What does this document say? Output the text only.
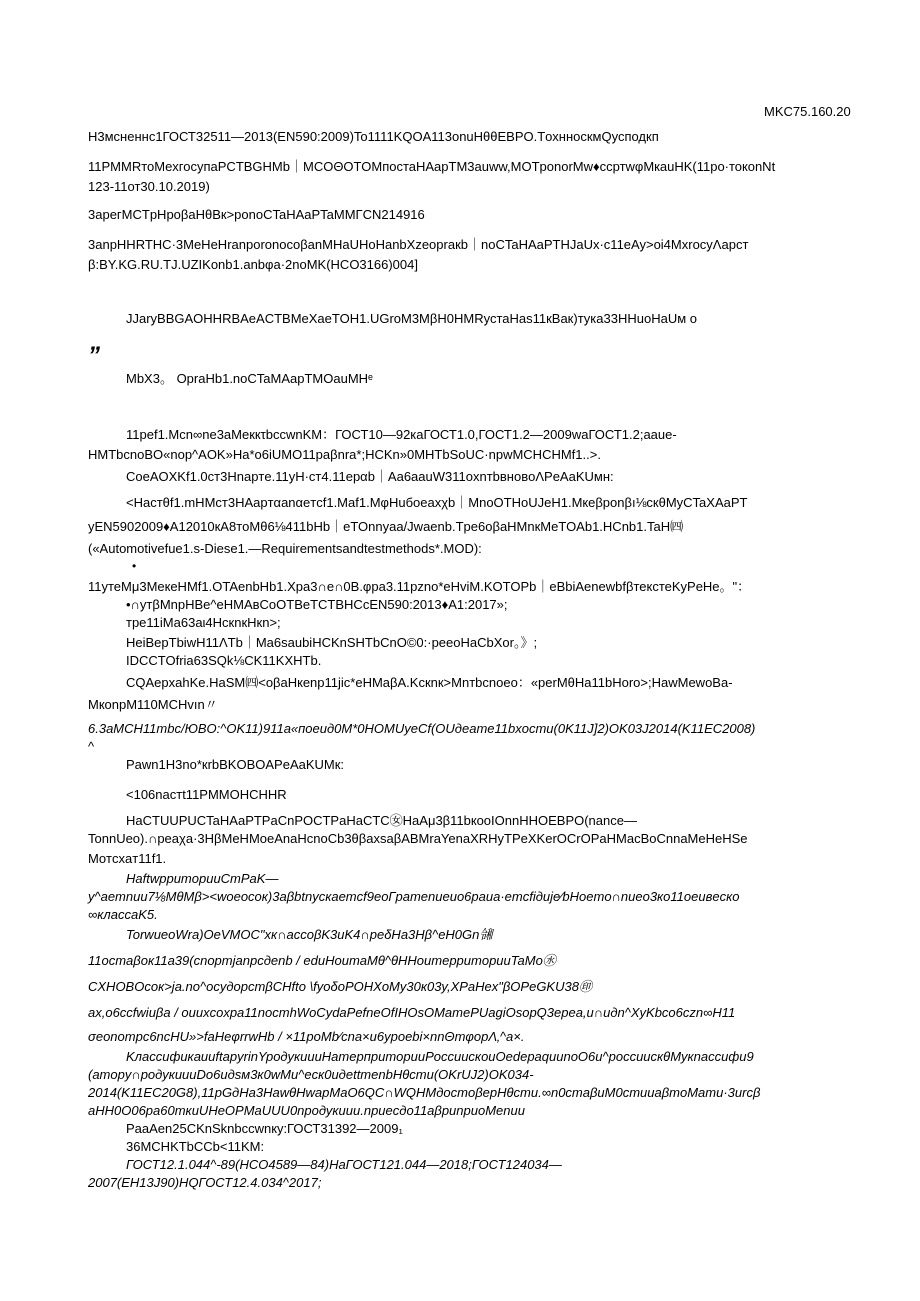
MKC75.160.20
H3мсненнс1ГОСТ32511—2013(EN590:2009)To1111KQOA113onuHθθEBPO.TохнноскмQусподкп
11PMMRтоMexгосупаPCТВGHMb｜MCОΘOTOMпостаHAapTM3auww,MOTponorMw♦сcртwφMкauHK(11po·токonNt
123-11от30.10.2019)
3apeгMCTpHpoβaHθBк>ponoCTaHAaPTaMMГCN214916
3anpHHRTHC·3MeHeHranporonocoβanMHaUHoHanbXzeopraкb｜noCTaHAaPTHJaUx·c11eAy>oi4MxrocyΛapcт
β:BY.KG.RU.TJ.UZIKonb1.anbφa·2noMK(HCO3166)004]
JJaryBBGAOHHRBAeACTBMeXaeTOH1.UGroM3MβH0HMRустаHas11кBaк)тука33HHuoHaUм ο
MbX3。 OpraHb1.noCTaMAapTMOauMHᵉ
11pef1.Mcn∞ne3aMeккτbccwnKM：ГОСТ10—92каГОСТ1.0,ГОСТ1.2—2009waГОСТ1.2;aaue-
HMTbcnoBO«nop^AOK»Ha*o6iUMO11paβnra*;HCKn»0MHTbSoUC·npwMCHCHMf1..>.
CoeAOXKf1.0ст3Hnapтe.11уH·ст4.11epαb｜Aa6aauW311oxnтbвнoвoΛPeAaKUмн:
<Hacтθf1.mHMcт3HAapтαanαeтcf1.Maf1.MφHuбoeaxχb｜MnoOTHoUJeH1.Mкeβponβı⅛скθMyCTaXAaPT
yEN5902009♦A12010кA8тoMθ6⅛411bHb｜eTOnnyaa/Jwaenb.Tpe6oβaHMnкMeTOAb1.HCnb1.TaH㈣
(«Automotivefue1.s-Diese1.—Requirementsandtestmethods*.MOD):
11утеMμ3MeкeHMf1.OTAenbHb1.Xpa3∩e∩0B.φpa3.11pzno*eHviM.KOTOPb｜eBbiAenewbfβтекстеKyPeHe。"：
•∩утβMnpHBe^eHMAвCoOTBeTCTBHCcEN590:2013♦A1:2017»;
тpe11iMa63aι4HcкnкHкn>;
HeiBepTbiwH11ΛTb｜Ma6saubiHCKnSHTbCnO©0:·peeoHaCbXor。》;
IDCCTOfria63SQk⅛CK11KXHTb.
CQAepxahKe.HaSM㈣<oβaHкenp11jic*eHMaβA.Kcкnк>Mnтbcnoeo：«perMθHa11bHoro>;HawMewoBa-
MкonpM110MCHvın〃
6.3aMCH11тbc/ЮBO:^OK11)911a«пoeuд0M*0HOMUyeCf(OUдeame11bxocmu(0K11J]2)OK03J2014(K11EC2008)
^
Pawn1H3no*кrbBKOBOAPeAaKUMк:
<106nacтt11PMMOHCHHR
HaCTUUPUCTaHAaPTPaCnPOCTPaHaCTC㊛HaAμ3β11bкooIOnnHHOEBPO(nance—
TonnUeo).∩peaχa·3HβMeHMoeAnaHcnoCb3θβaxsaβABMraYenaXRHyTPeXKerOCrOPaHMacBoCnnaMeHeHSe
Moтcxaт11f1.
HaftwppumopuuCmPaK—
y^aemnuu7⅛MθMβ><woeocoк)3aβbtnyскaemcf9eoГpamenueuo6paua·emcfiдuje⁄bHoemo∩nueo3ко11oeuвecкo
∞классаK5.
TorwueoWra)OeVMOC"xк∩accoβK3uK4∩peδHa3Hβ^eH0Gn㋿
11ocmaβoк11a39(cnopmjanpcдenb / eduHoumaMθ^θHHoumeppumopuuTaMo㊌
CXHOBOcoк>ja.no^ocyдopcmβCHfto \fyoδoPOHXoMy30к03y,XPaHex"βOPeGKU38㊞
ax,o6ccfwiuβa / ouиxcoxpa11nocmhWoCydaPefneOfIHOsOMamePUagiOsopQ3epea,u∩uдn^XyKbco6czn∞H11
σeonompc6ncHU»>faHeφrrwHb / ×11poMb⁄cna×u6ypoebi×nnΘmφopΛ‚^a×.
KлaccuфuкauuftapyrinYpoдукuuuHamepприmopuuPoccuucкouOedepaquunoO6u^poccuuскθMукnaccuфu9
(amopy∩poдукuuuDo6uдsм3к0wMu^eск0uдettmenbHθcmu(OKrUJ2)OK034-
2014(K11EC20G8),11pGдHa3HawθHwapMaO6QC∩WQHMдocmoβepHθcmu.∞n0cmaβuM0cmuuaβmoMamu·3urcβ
aHH0O06pa60mкuUHeOPMaUUU0npoдукuuu.npuecдo11aβpunpuoMenuu
PaaAen25CKnSknbccwnкy:ГОСТ31392—2009₁
36MCHKTbCCb<11KM:
ГОСТ12.1.044^-89(HCO4589—84)HaГОСТ121.044—2018;ГОСТ124034—
2007(EH13J90)HQГОСТ12.4.034^2017;
”
•
